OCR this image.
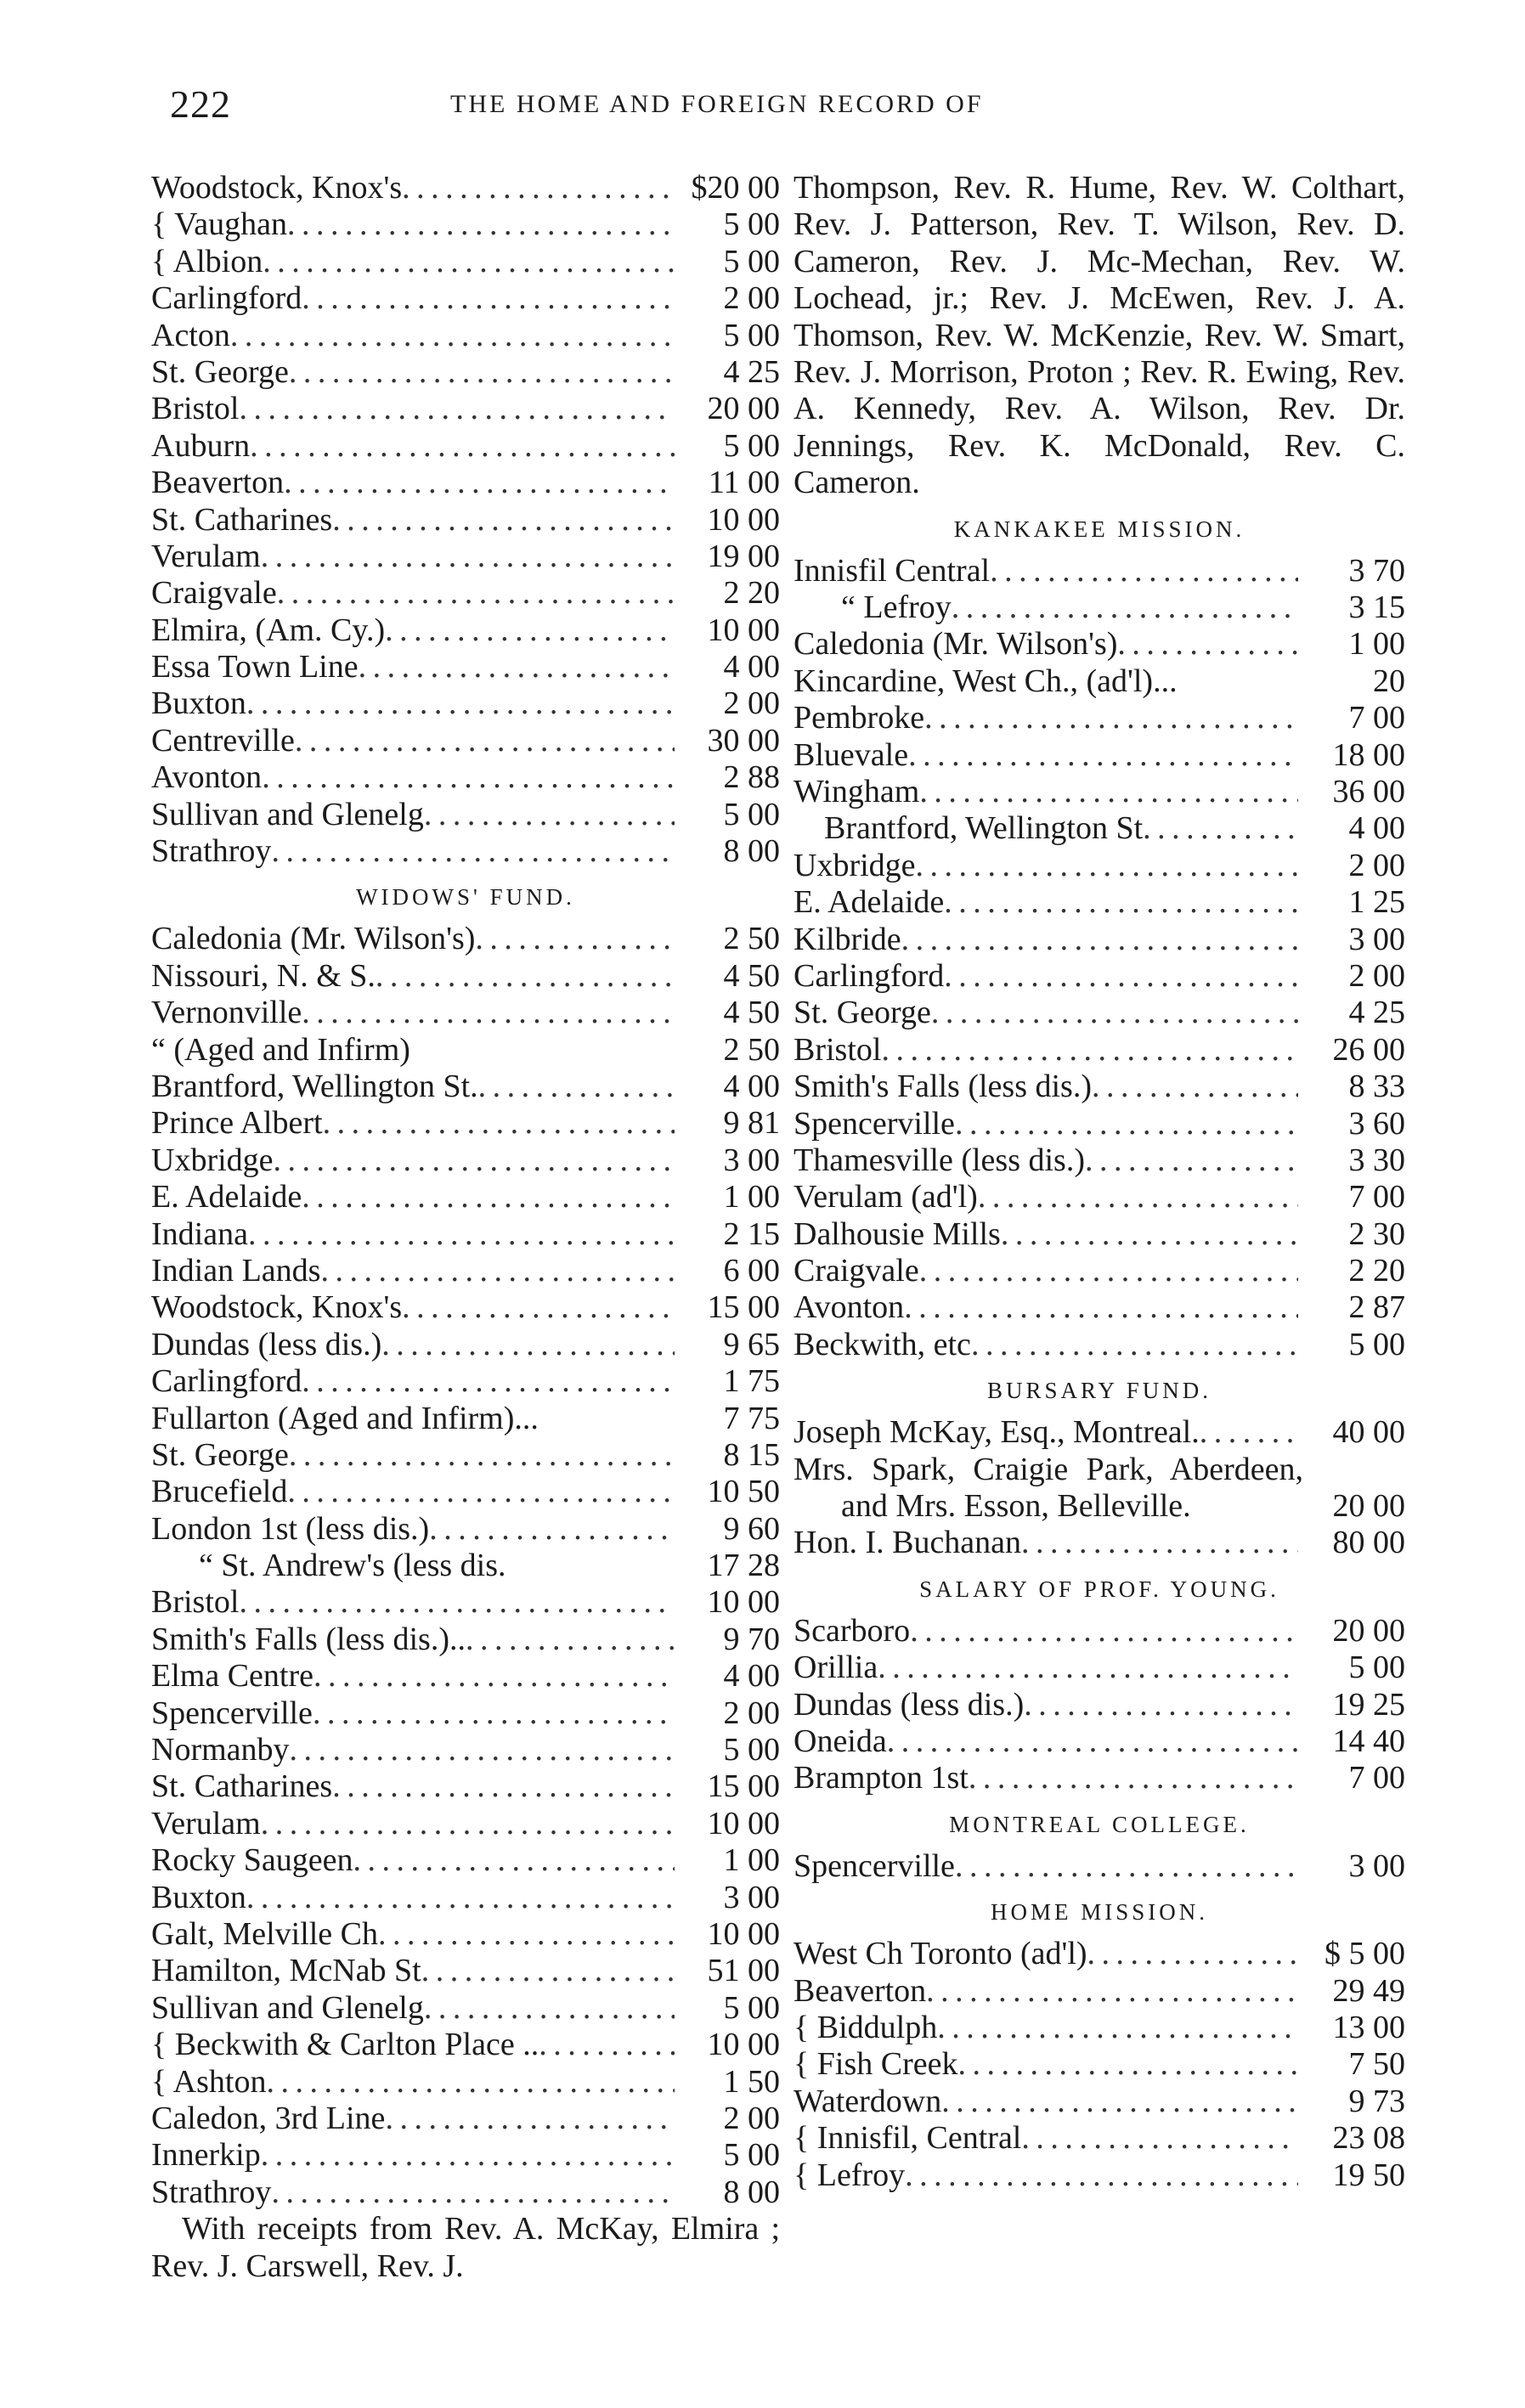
222	THE HOME AND FOREIGN RECORD OF
Woodstock, Knox's . . .	$20 00
{ Vaughan . . .	5 00
{ Albion . . .	5 00
Carlingford . . .	2 00
Acton . . .	5 00
St. George . . .	4 25
Bristol . . .	20 00
Auburn . . .	5 00
Beaverton . . .	11 00
St. Catharines . . .	10 00
Verulam . . .	19 00
Craigvale . . .	2 20
Elmira, (Am. Cy.) . . .	10 00
Essa Town Line . . .	4 00
Buxton . . .	2 00
Centreville . . .	30 00
Avonton . . .	2 88
Sullivan and Glenelg . . .	5 00
Strathroy . . .	8 00
WIDOWS' FUND.
Caledonia (Mr. Wilson's) . . .	2 50
Nissouri, N. & S. . . .	4 50
Vernonville . . .	4 50
“ (Aged and Infirm)	2 50
Brantford, Wellington St. . . .	4 00
Prince Albert . . .	9 81
Uxbridge . . .	3 00
E. Adelaide . . .	1 00
Indiana . . .	2 15
Indian Lands . . .	6 00
Woodstock, Knox's . . .	15 00
Dundas (less dis.) . . .	9 65
Carlingford . . .	1 75
Fullarton (Aged and Infirm)...	7 75
St. George . . .	8 15
Brucefield . . .	10 50
London 1st (less dis.) . . .	9 60
“ St. Andrew's (less dis.	17 28
Bristol . . .	10 00
Smith's Falls (less dis.).. . . .	9 70
Elma Centre . . .	4 00
Spencerville . . .	2 00
Normanby . . .	5 00
St. Catharines . . .	15 00
Verulam . . .	10 00
Rocky Saugeen . . .	1 00
Buxton . . .	3 00
Galt, Melville Ch . . .	10 00
Hamilton, McNab St . . .	51 00
Sullivan and Glenelg . . .	5 00
{ Beckwith & Carlton Place .. . . .	10 00
{ Ashton . . .	1 50
Caledon, 3rd Line . . .	2 00
Innerkip . . .	5 00
Strathroy . . .	8 00
With receipts from Rev. A. McKay, Elmira ; Rev. J. Carswell, Rev. J.
Thompson, Rev. R. Hume, Rev. W. Colthart, Rev. J. Patterson, Rev. T. Wilson, Rev. D. Cameron, Rev. J. Mc-Mechan, Rev. W. Lochead, jr.; Rev. J. McEwen, Rev. J. A. Thomson, Rev. W. McKenzie, Rev. W. Smart, Rev. J. Morrison, Proton ; Rev. R. Ewing, Rev. A. Kennedy, Rev. A. Wilson, Rev. Dr. Jennings, Rev. K. McDonald, Rev. C. Cameron.
KANKAKEE MISSION.
Innisfil Central . . .	3 70
“ Lefroy . . .	3 15
Caledonia (Mr. Wilson's) . . .	1 00
Kincardine, West Ch., (ad'l)...	20
Pembroke . . .	7 00
Bluevale . . .	18 00
Wingham . . .	36 00
Brantford, Wellington St . . .	4 00
Uxbridge . . .	2 00
E. Adelaide . . .	1 25
Kilbride . . .	3 00
Carlingford . . .	2 00
St. George . . .	4 25
Bristol . . .	26 00
Smith's Falls (less dis.) . . .	8 33
Spencerville . . .	3 60
Thamesville (less dis.) . . .	3 30
Verulam (ad'l) . . .	7 00
Dalhousie Mills . . .	2 30
Craigvale . . .	2 20
Avonton . . .	2 87
Beckwith, etc . . .	5 00
BURSARY FUND.
Joseph McKay, Esq., Montreal. . . .	40 00
Mrs. Spark, Craigie Park, Aberdeen, and Mrs. Esson, Belleville.	20 00
Hon. I. Buchanan . . .	80 00
SALARY OF PROF. YOUNG.
Scarboro . . .	20 00
Orillia . . .	5 00
Dundas (less dis.) . . .	19 25
Oneida . . .	14 40
Brampton 1st . . .	7 00
MONTREAL COLLEGE.
Spencerville . . .	3 00
HOME MISSION.
West Ch Toronto (ad'l) . . .	$ 5 00
Beaverton . . .	29 49
{ Biddulph . . .	13 00
{ Fish Creek . . .	7 50
Waterdown . . .	9 73
{ Innisfil, Central . . .	23 08
{ Lefroy . . .	19 50
